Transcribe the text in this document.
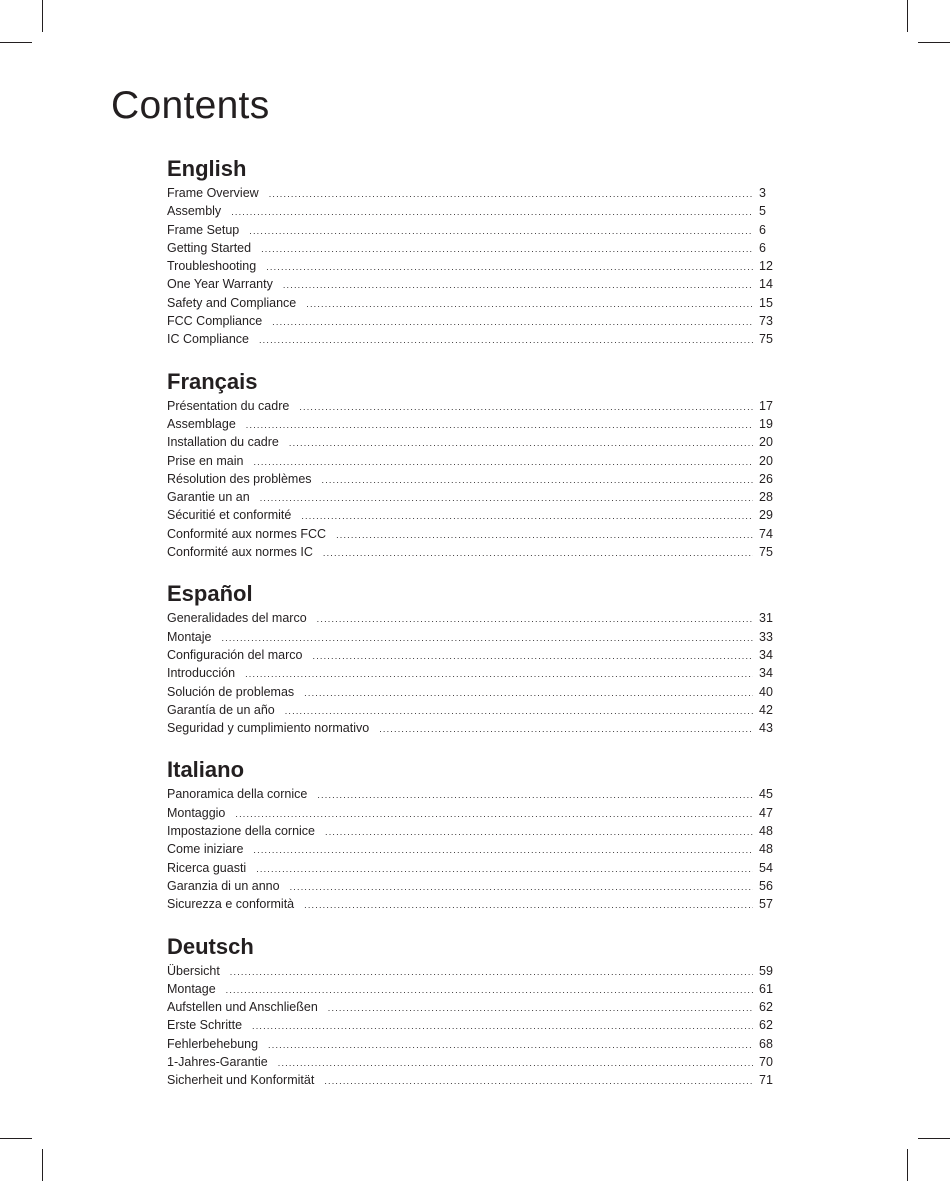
Contents
English
Frame Overview .....	3
Assembly .....	5
Frame Setup .....	6
Getting Started .....	6
Troubleshooting .....	12
One Year Warranty .....	14
Safety and Compliance .....	15
FCC Compliance .....	73
IC Compliance .....	75
Français
Présentation du cadre .....	17
Assemblage .....	19
Installation du cadre .....	20
Prise en main .....	20
Résolution des problèmes .....	26
Garantie un an .....	28
Sécuritié et conformité .....	29
Conformité aux normes FCC .....	74
Conformité aux normes IC .....	75
Español
Generalidades del marco .....	31
Montaje .....	33
Configuración del marco .....	34
Introducción .....	34
Solución de problemas .....	40
Garantía de un año .....	42
Seguridad y cumplimiento normativo .....	43
Italiano
Panoramica della cornice .....	45
Montaggio .....	47
Impostazione della cornice .....	48
Come iniziare .....	48
Ricerca guasti .....	54
Garanzia di un anno .....	56
Sicurezza e conformità .....	57
Deutsch
Übersicht .....	59
Montage .....	61
Aufstellen und Anschließen .....	62
Erste Schritte .....	62
Fehlerbehebung .....	68
1-Jahres-Garantie .....	70
Sicherheit und Konformität .....	71
